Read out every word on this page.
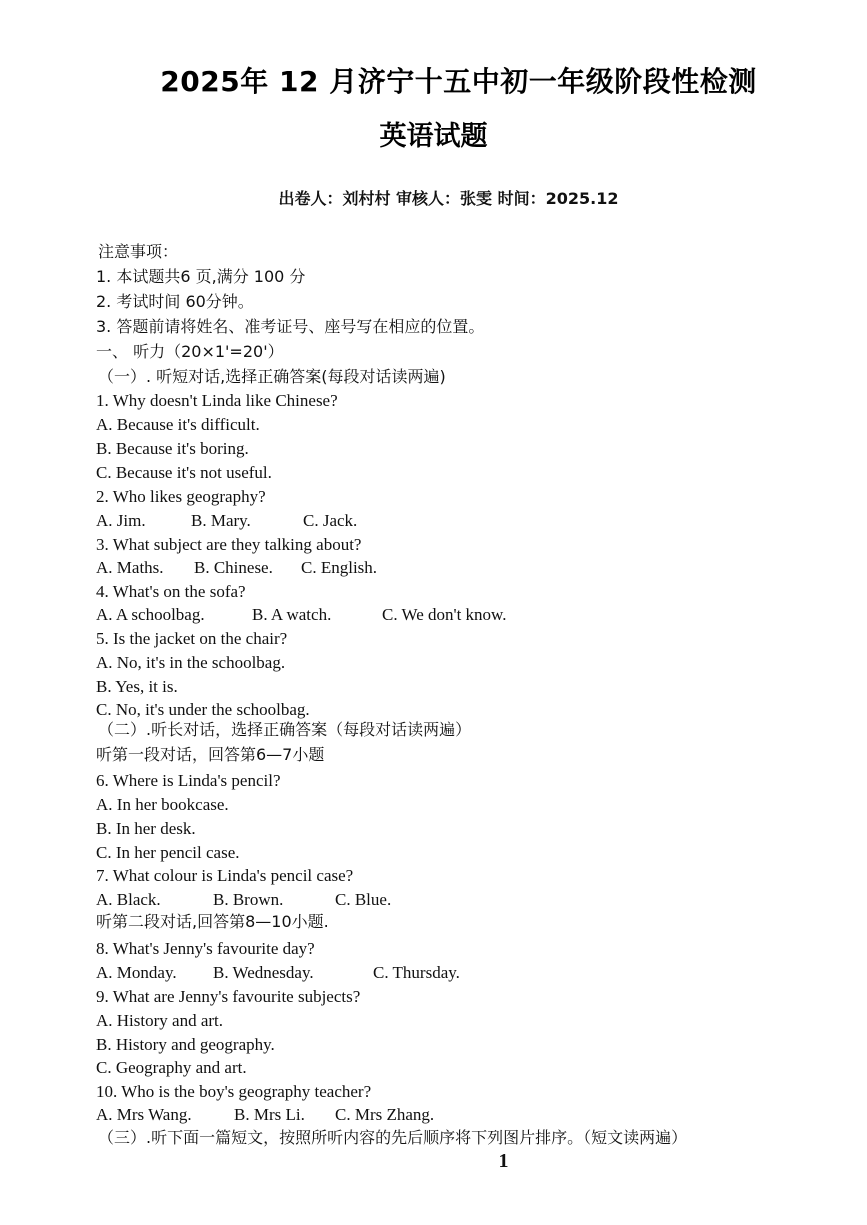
2025年 12 月济宁十五中初一年级阶段性检测
英语试题
出卷人：刘村村 审核人：张雯 时间：2025.12
注意事项：
1. 本试题共6 页,满分 100 分
2. 考试时间 60分钟。
3. 答题前请将姓名、准考证号、座号写在相应的位置。
一、 听力（20×1'=20'）
（一）. 听短对话,选择正确答案(每段对话读两遍)
1. Why doesn't Linda like Chinese?
A. Because it's difficult.
B. Because it's boring.
C. Because it's not useful.
2. Who likes geography?
A. Jim.	B. Mary.	C. Jack.
3. What subject are they talking about?
A. Maths. B. Chinese. C. English.
4. What's on the sofa?
A. A schoolbag.	B. A watch.	C. We don't know.
5. Is the jacket on the chair?
A. No, it's in the schoolbag.
B. Yes, it is.
C. No, it's under the schoolbag.
（二）.听长对话，选择正确答案（每段对话读两遍）
听第一段对话，回答第6—7小题
6. Where is Linda's pencil?
A. In her bookcase.
B. In her desk.
C. In her pencil case.
7. What colour is Linda's pencil case?
A. Black.	B. Brown.	C. Blue.
听第二段对话,回答第8—10小题.
8. What's Jenny's favourite day?
A. Monday. B. Wednesday.	C. Thursday.
9. What are Jenny's favourite subjects?
A. History and art.
B. History and geography.
C. Geography and art.
10. Who is the boy's geography teacher?
A. Mrs Wang. B. Mrs Li. C. Mrs Zhang.
（三）.听下面一篇短文，按照所听内容的先后顺序将下列图片排序。（短文读两遍）
1
